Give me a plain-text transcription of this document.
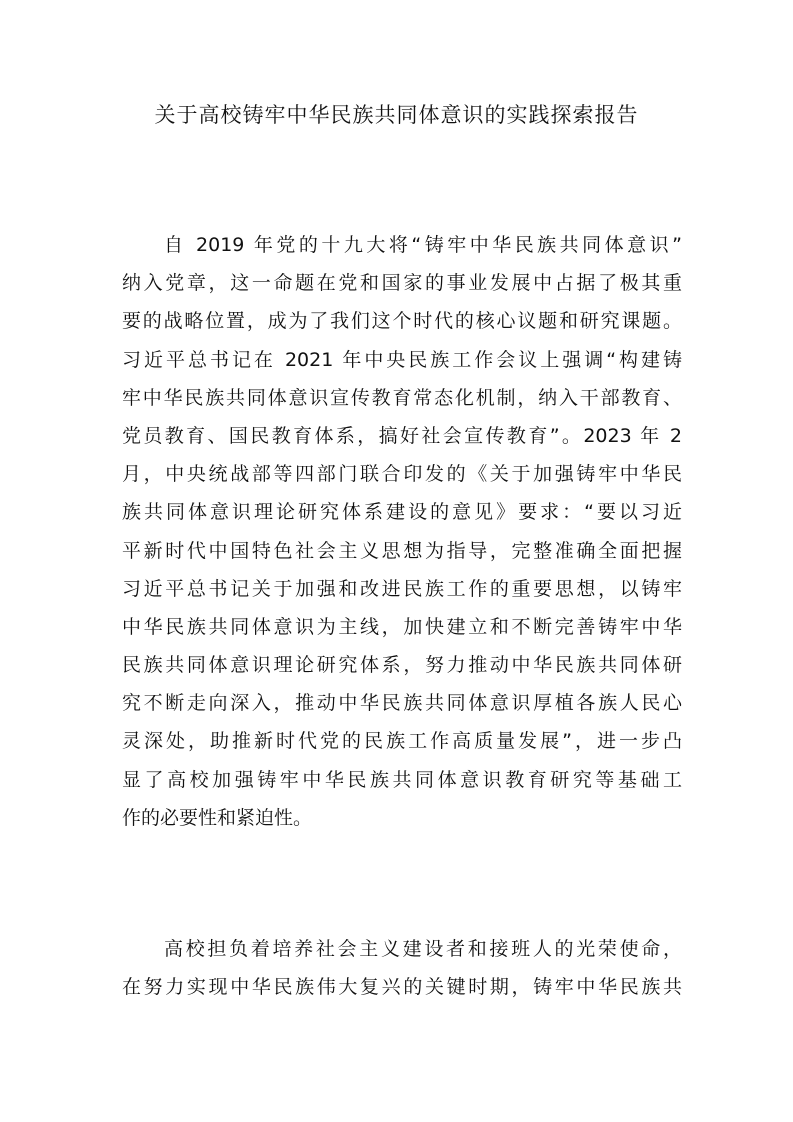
关于高校铸牢中华民族共同体意识的实践探索报告
自 2019 年党的十九大将“铸牢中华民族共同体意识”
纳入党章，这一命题在党和国家的事业发展中占据了极其重
要的战略位置，成为了我们这个时代的核心议题和研究课题。
习近平总书记在 2021 年中央民族工作会议上强调“构建铸
牢中华民族共同体意识宣传教育常态化机制，纳入干部教育、
党员教育、国民教育体系，搞好社会宣传教育”。2023 年 2
月，中央统战部等四部门联合印发的《关于加强铸牢中华民
族共同体意识理论研究体系建设的意见》要求：“要以习近
平新时代中国特色社会主义思想为指导，完整准确全面把握
习近平总书记关于加强和改进民族工作的重要思想，以铸牢
中华民族共同体意识为主线，加快建立和不断完善铸牢中华
民族共同体意识理论研究体系，努力推动中华民族共同体研
究不断走向深入，推动中华民族共同体意识厚植各族人民心
灵深处，助推新时代党的民族工作高质量发展”，进一步凸
显了高校加强铸牢中华民族共同体意识教育研究等基础工
作的必要性和紧迫性。
高校担负着培养社会主义建设者和接班人的光荣使命，
在努力实现中华民族伟大复兴的关键时期，铸牢中华民族共
